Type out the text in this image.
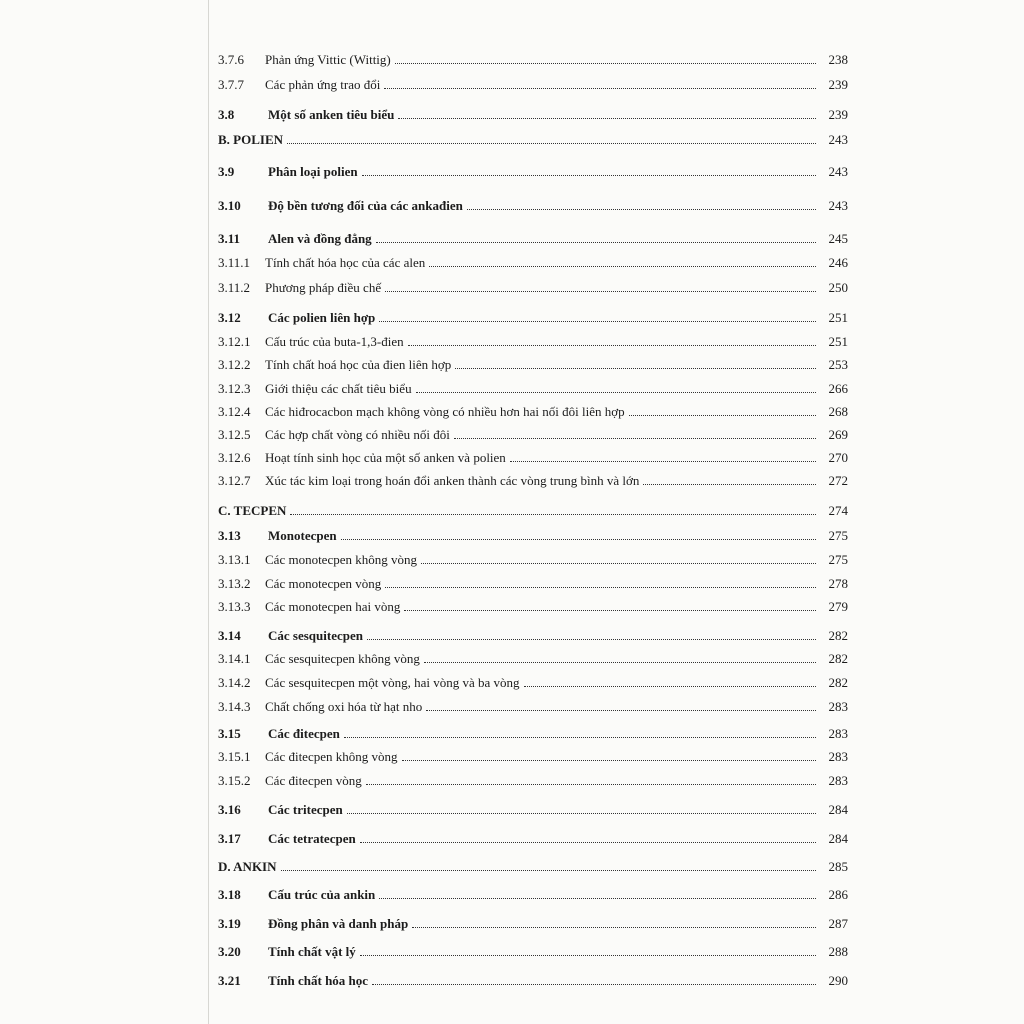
3.7.6	Phản ứng Vittic (Wittig)	238
3.7.7	Các phản ứng trao đổi	239
3.8	Một số anken tiêu biểu	239
B. POLIEN	243
3.9	Phân loại polien	243
3.10	Độ bền tương đối của các ankađien	243
3.11	Alen và đồng đẳng	245
3.11.1	Tính chất hóa học của các alen	246
3.11.2	Phương pháp điều chế	250
3.12	Các polien liên hợp	251
3.12.1	Cấu trúc của buta-1,3-đien	251
3.12.2	Tính chất hoá học của đien liên hợp	253
3.12.3	Giới thiệu các chất tiêu biểu	266
3.12.4	Các hiđrocacbon mạch không vòng có nhiều hơn hai nối đôi liên hợp	268
3.12.5	Các hợp chất vòng có nhiều nối đôi	269
3.12.6	Hoạt tính sinh học của một số anken và polien	270
3.12.7	Xúc tác kim loại trong hoán đổi anken thành các vòng trung bình và lớn	272
C. TECPEN	274
3.13	Monotecpen	275
3.13.1	Các monotecpen không vòng	275
3.13.2	Các monotecpen vòng	278
3.13.3	Các monotecpen hai vòng	279
3.14	Các sesquitecpen	282
3.14.1	Các sesquitecpen không vòng	282
3.14.2	Các sesquitecpen một vòng, hai vòng và ba vòng	282
3.14.3	Chất chống oxi hóa từ hạt nho	283
3.15	Các đitecpen	283
3.15.1	Các đitecpen không vòng	283
3.15.2	Các đitecpen vòng	283
3.16	Các tritecpen	284
3.17	Các tetratecpen	284
D. ANKIN	285
3.18	Cấu trúc của ankin	286
3.19	Đồng phân và danh pháp	287
3.20	Tính chất vật lý	288
3.21	Tính chất hóa học	290
